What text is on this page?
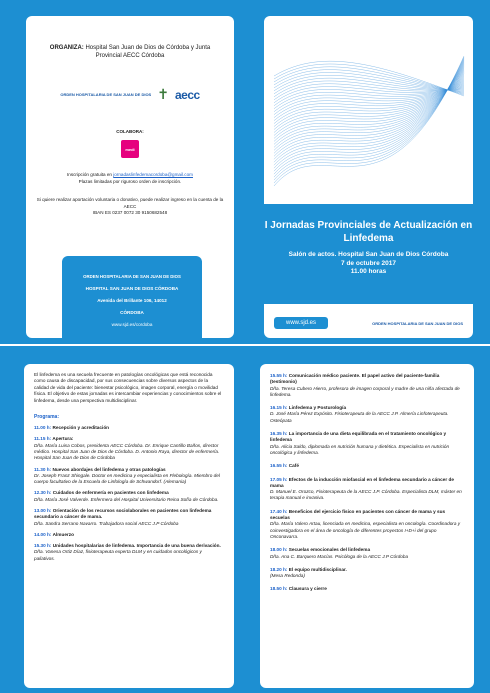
ORGANIZA: Hospital San Juan de Dios de Córdoba y Junta Provincial AECC Córdoba
ORDEN HOSPITALARIA DE SAN JUAN DE DIOS ✝ aecc
COLABORA:
medi
Inscripción gratuita en jornadaslinfedemacordoba@gmail.com
Plazas limitadas por riguroso orden de inscripción.
Si quiere realizar aportación voluntaria o donativo, puede realizar ingreso en la cuenta de la AECC
IBAN ES 0237 0072 30 9150682548
ORDEN HOSPITALARIA DE SAN JUAN DE DIOS
HOSPITAL SAN JUAN DE DIOS CÓRDOBA
Avenida del Brillante 106, 14012
CÓRDOBA
www.sjd.es/cordoba
I Jornadas Provinciales de Actualización en Linfedema
Salón de actos. Hospital San Juan de Dios Córdoba
7 de octubre 2017
11.00 horas
www.sjd.es	ORDEN HOSPITALARIA DE SAN JUAN DE DIOS
El linfedema es una secuela frecuente en patologías oncológicas que está reconocida como causa de discapacidad, por sus consecuencias sobre diversos aspectos de la calidad de vida del paciente: bienestar psicológico, imagen corporal, energía o movilidad física. El objetivo de estas jornadas es intercambiar experiencias y conocimientos sobre el linfedema, desde una perspectiva multidisciplinar.
Programa:
11.00 h: Recepción y acreditación
11.15 h: Apertura:
Dña. María Luisa Cobos, presidenta AECC Córdoba. Dr. Enrique Cantillo Baños, director médico. Hospital San Juan de Dios de Córdoba. D. Antonio Raya, director de enfermería. Hospital San Juan de Dios de Córdoba
11.30 h: Nuevos abordajes del linfedema y otras patologías
Dr. Joseph Franz Shingale. Doctor en medicina y especialista en Flebología. Miembro del cuerpo facultativo de la Escuela de Linfología de Schwandorf. (Alemania)
12.30 h: Cuidados de enfermería en pacientes con linfedema
Dña. María José Valverde. Enfermera del Hospital Universitario Reina Sofía de Córdoba.
13.00 h: Orientación de los recursos sociolaborales en pacientes con linfedema secundario a cáncer de mama.
Dña. Sandra Serrano Navarro. Trabajadora social AECC J.P Córdoba
14.00 h: Almuerzo
15.30 h: Unidades hospitalarias de linfedema. Importancia de una buena derivación.
Dña. Vanesa Ortiz Díaz, fisioterapeuta experta DLM y en cuidados oncológicos y paliativos.
15.55 h: Comunicación médico paciente. El papel activo del paciente-familia (testimonio)
Dña. Teresa Cubero Hierro, profesora de imagen corporal y madre de una niña afectada de linfedema.
16.15 h: Linfedema y Posturología
D. José María Pérez Expósito. Fisioterapeuta de la AECC J.P. Almería Linfoterapeuta. Osteópata
16.35 h: La importancia de una dieta equilibrada en el tratamiento oncológico y linfedema
Dña. Alicia Saldo, diplomada en nutrición humana y dietética. Especialista en nutrición oncológica y linfedema.
16.55 h: Café
17.05 h: Efectos de la inducción miofascial en el linfedema secundario a cáncer de mama
D. Manuel E. Orozco, Fisioterapeuta de la AECC J.P. Córdoba. Especialista DLM, máster en terapia manual e invasiva.
17.40 h: Beneficios del ejercicio físico en pacientes con cáncer de mama y sus secuelas
Dña. María Valero Artau, licenciada en medicina, especialista en oncología. Coordinadora y coinvestigadora en el área de oncología de diferentes proyectos I+D+i del grupo Onconavarra.
18.00 h: Secuelas emocionales del linfedema
Dña. Ana C. Barquero Macías. Psicóloga de la AECC J.P Córdoba
18.20 h: El equipo multidisciplinar.
(Mesa Redonda)
18.50 h: Clausura y cierre
